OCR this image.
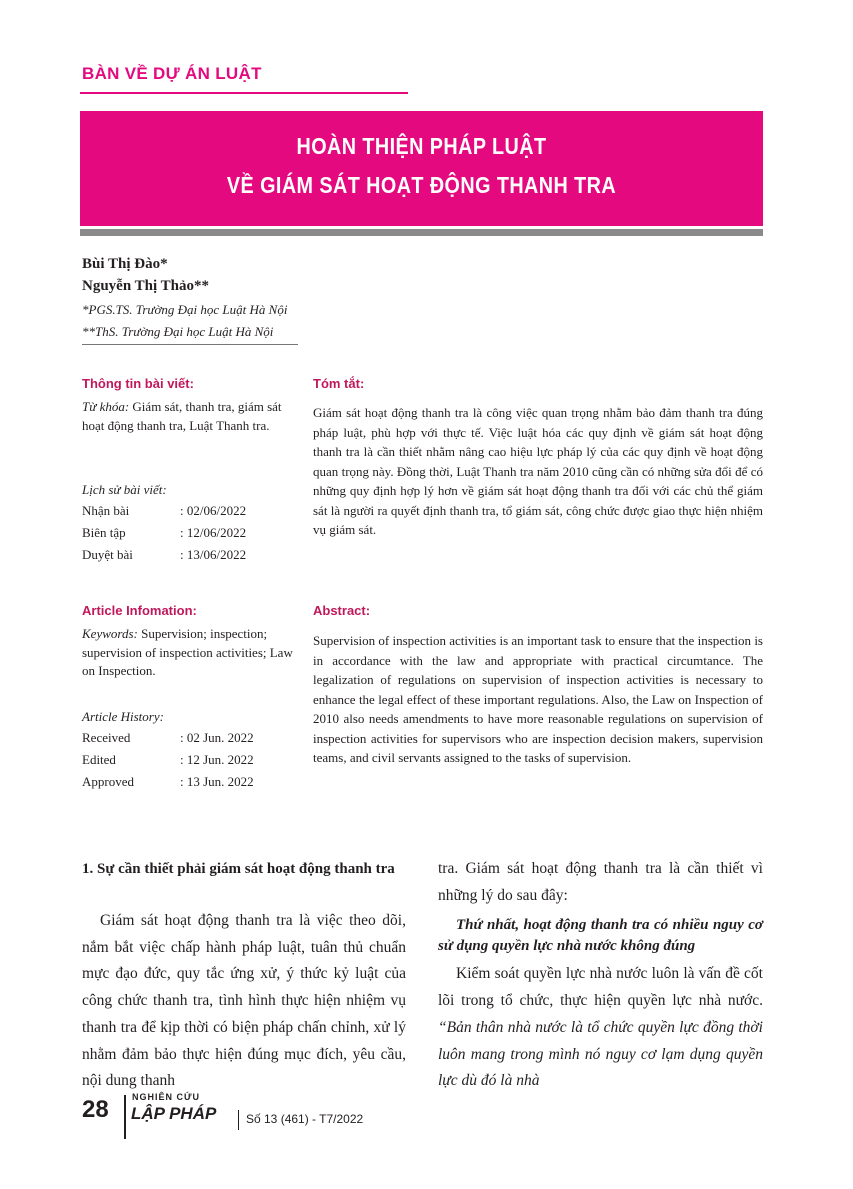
BÀN VỀ DỰ ÁN LUẬT
HOÀN THIỆN PHÁP LUẬT
VỀ GIÁM SÁT HOẠT ĐỘNG THANH TRA
Bùi Thị Đào*
Nguyễn Thị Thảo**
*PGS.TS. Trường Đại học Luật Hà Nội
**ThS. Trường Đại học Luật Hà Nội
Thông tin bài viết:
Từ khóa: Giám sát, thanh tra, giám sát hoạt động thanh tra, Luật Thanh tra.
Lịch sử bài viết:
Nhận bài	: 02/06/2022
Biên tập	: 12/06/2022
Duyệt bài	: 13/06/2022
Tóm tắt:
Giám sát hoạt động thanh tra là công việc quan trọng nhằm bảo đảm thanh tra đúng pháp luật, phù hợp với thực tế. Việc luật hóa các quy định về giám sát hoạt động thanh tra là cần thiết nhằm nâng cao hiệu lực pháp lý của các quy định về hoạt động quan trọng này. Đồng thời, Luật Thanh tra năm 2010 cũng cần có những sửa đổi để có những quy định hợp lý hơn về giám sát hoạt động thanh tra đối với các chủ thể giám sát là người ra quyết định thanh tra, tổ giám sát, công chức được giao thực hiện nhiệm vụ giám sát.
Article Infomation:
Keywords: Supervision; inspection; supervision of inspection activities; Law on Inspection.
Article History:
Received	: 02 Jun. 2022
Edited	: 12 Jun. 2022
Approved	: 13 Jun. 2022
Abstract:
Supervision of inspection activities is an important task to ensure that the inspection is in accordance with the law and appropriate with practical circumtance. The legalization of regulations on supervision of inspection activities is necessary to enhance the legal effect of these important regulations. Also, the Law on Inspection of 2010 also needs amendments to have more reasonable regulations on supervision of inspection activities for supervisors who are inspection decision makers, supervision teams, and civil servants assigned to the tasks of supervision.
1. Sự cần thiết phải giám sát hoạt động thanh tra

Giám sát hoạt động thanh tra là việc theo dõi, nắm bắt việc chấp hành pháp luật, tuân thủ chuẩn mực đạo đức, quy tắc ứng xử, ý thức kỷ luật của công chức thanh tra, tình hình thực hiện nhiệm vụ thanh tra để kịp thời có biện pháp chấn chỉnh, xử lý nhằm đảm bảo thực hiện đúng mục đích, yêu cầu, nội dung thanh

tra. Giám sát hoạt động thanh tra là cần thiết vì những lý do sau đây:

Thứ nhất, hoạt động thanh tra có nhiều nguy cơ sử dụng quyền lực nhà nước không đúng

Kiểm soát quyền lực nhà nước luôn là vấn đề cốt lõi trong tổ chức, thực hiện quyền lực nhà nước. “Bản thân nhà nước là tổ chức quyền lực đồng thời luôn mang trong mình nó nguy cơ lạm dụng quyền lực dù đó là nhà

28	NGHIÊN CỨU
LẬP PHÁP Số 13 (461) - T7/2022
